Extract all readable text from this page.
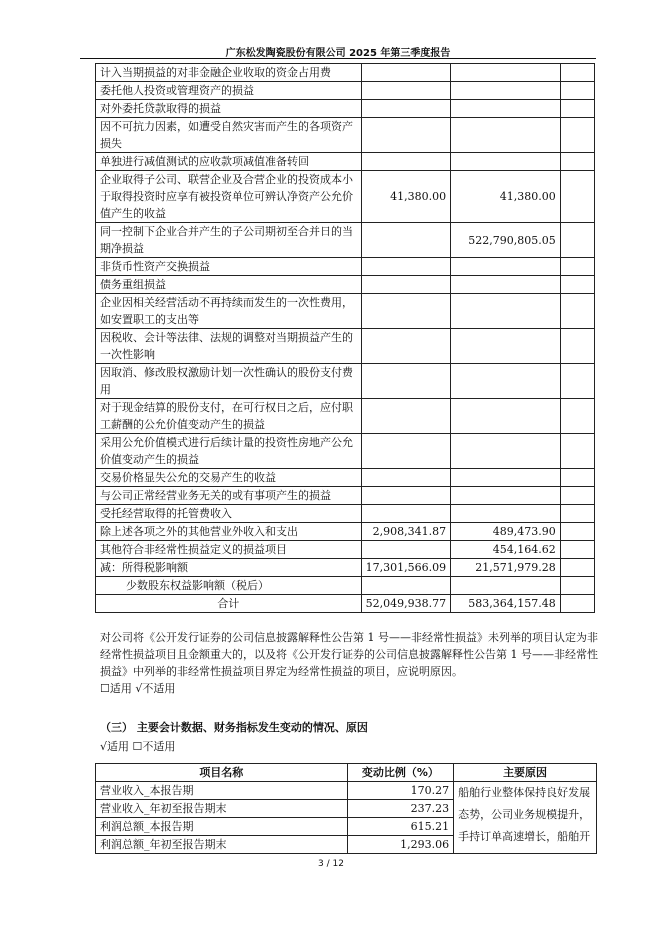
广东松发陶瓷股份有限公司 2025 年第三季度报告
计入当期损益的对非金融企业收取的资金占用费			
委托他人投资或管理资产的损益			
对外委托贷款取得的损益			
因不可抗力因素，如遭受自然灾害而产生的各项资产损失			
单独进行减值测试的应收款项减值准备转回			
企业取得子公司、联营企业及合营企业的投资成本小于取得投资时应享有被投资单位可辨认净资产公允价值产生的收益	41,380.00	41,380.00	
同一控制下企业合并产生的子公司期初至合并日的当期净损益		522,790,805.05	
非货币性资产交换损益			
债务重组损益			
企业因相关经营活动不再持续而发生的一次性费用，如安置职工的支出等			
因税收、会计等法律、法规的调整对当期损益产生的一次性影响			
因取消、修改股权激励计划一次性确认的股份支付费用			
对于现金结算的股份支付，在可行权日之后，应付职工薪酬的公允价值变动产生的损益			
采用公允价值模式进行后续计量的投资性房地产公允价值变动产生的损益			
交易价格显失公允的交易产生的收益			
与公司正常经营业务无关的或有事项产生的损益			
受托经营取得的托管费收入			
除上述各项之外的其他营业外收入和支出	2,908,341.87	489,473.90	
其他符合非经常性损益定义的损益项目		454,164.62	
减：所得税影响额	17,301,566.09	21,571,979.28	
少数股东权益影响额（税后）			
合计	52,049,938.77	583,364,157.48	
对公司将《公开发行证券的公司信息披露解释性公告第 1 号——非经常性损益》未列举的项目认定为非经常性损益项目且金额重大的，以及将《公开发行证券的公司信息披露解释性公告第 1 号——非经常性损益》中列举的非经常性损益项目界定为经常性损益的项目，应说明原因。
☐适用 √不适用
（三） 主要会计数据、财务指标发生变动的情况、原因
√适用 ☐不适用
项目名称	变动比例（%）	主要原因
营业收入_本报告期	170.27	船舶行业整体保持良好发展态势，公司业务规模提升，手持订单高速增长，船舶开
营业收入_年初至报告期末	237.23	
利润总额_本报告期	615.21	
利润总额_年初至报告期末	1,293.06	
3 / 12
